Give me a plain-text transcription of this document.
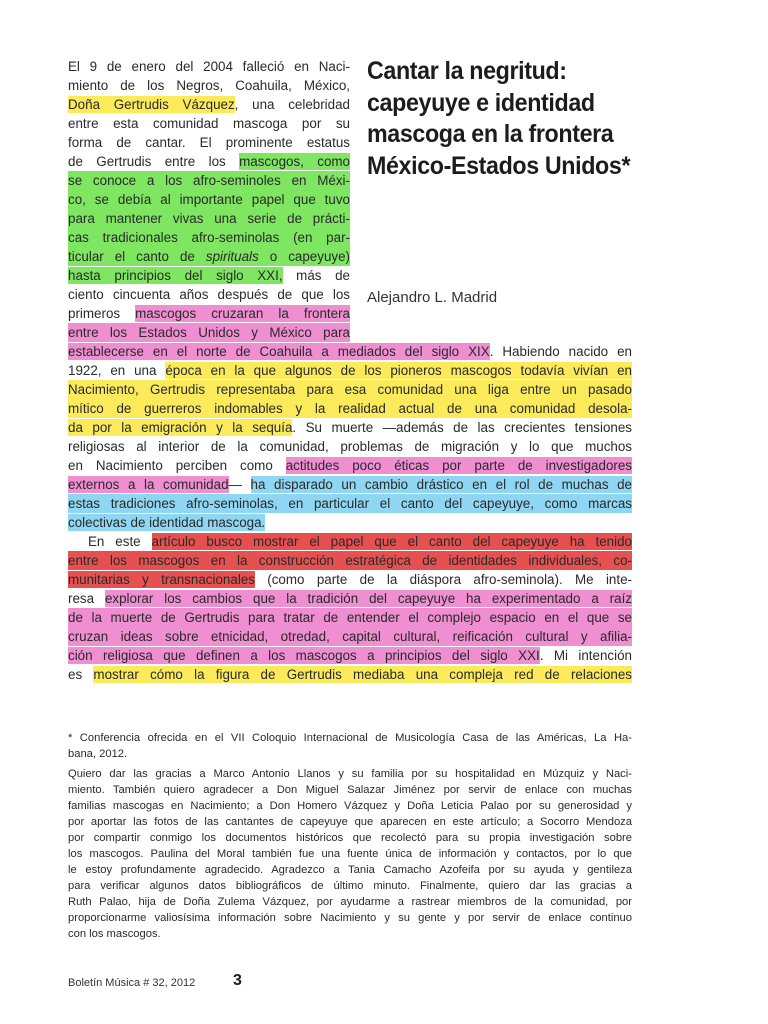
Cantar la negritud:
capeyuye e identidad
mascoga en la frontera
México-Estados Unidos*
Alejandro L. Madrid
El 9 de enero del 2004 falleció en Naci-
miento de los Negros, Coahuila, México,
Doña Gertrudis Vázquez, una celebridad
entre esta comunidad mascoga por su
forma de cantar. El prominente estatus
de Gertrudis entre los mascogos, como
se conoce a los afro-seminoles en Méxi-
co, se debía al importante papel que tuvo
para mantener vivas una serie de prácti-
cas tradicionales afro-seminolas (en par-
ticular el canto de spirituals o capeyuye)
hasta principios del siglo XXI, más de
ciento cincuenta años después de que los
primeros mascogos cruzaran la frontera
entre los Estados Unidos y México para
establecerse en el norte de Coahuila a mediados del siglo XIX. Habiendo nacido en
1922, en una época en la que algunos de los pioneros mascogos todavía vivían en
Nacimiento, Gertrudis representaba para esa comunidad una liga entre un pasado
mítico de guerreros indomables y la realidad actual de una comunidad desola-
da por la emigración y la sequía. Su muerte —además de las crecientes tensiones
religiosas al interior de la comunidad, problemas de migración y lo que muchos
en Nacimiento perciben como actitudes poco éticas por parte de investigadores
externos a la comunidad— ha disparado un cambio drástico en el rol de muchas de
estas tradiciones afro-seminolas, en particular el canto del capeyuye, como marcas
colectivas de identidad mascoga.
En este artículo busco mostrar el papel que el canto del capeyuye ha tenido
entre los mascogos en la construcción estratégica de identidades individuales, co-
munitarias y transnacionales (como parte de la diáspora afro-seminola). Me inte-
resa explorar los cambios que la tradición del capeyuye ha experimentado a raíz
de la muerte de Gertrudis para tratar de entender el complejo espacio en el que se
cruzan ideas sobre etnicidad, otredad, capital cultural, reificación cultural y afilia-
ción religiosa que definen a los mascogos a principios del siglo XXI. Mi intención
es mostrar cómo la figura de Gertrudis mediaba una compleja red de relaciones
* Conferencia ofrecida en el VII Coloquio Internacional de Musicología Casa de las Américas, La Ha-
bana, 2012.
Quiero dar las gracias a Marco Antonio Llanos y su familia por su hospitalidad en Múzquiz y Naci-
miento. También quiero agradecer a Don Miguel Salazar Jiménez por servir de enlace con muchas
familias mascogas en Nacimiento; a Don Homero Vázquez y Doña Leticia Palao por su generosidad y
por aportar las fotos de las cantantes de capeyuye que aparecen en este artículo; a Socorro Mendoza
por compartir conmigo los documentos históricos que recolectó para su propia investigación sobre
los mascogos. Paulina del Moral también fue una fuente única de información y contactos, por lo que
le estoy profundamente agradecido. Agradezco a Tania Camacho Azofeifa por su ayuda y gentileza
para verificar algunos datos bibliográficos de último minuto. Finalmente, quiero dar las gracias a
Ruth Palao, hija de Doña Zulema Vázquez, por ayudarme a rastrear miembros de la comunidad, por
proporcionarme valiosísima información sobre Nacimiento y su gente y por servir de enlace continuo
con los mascogos.
Boletín Música # 32, 2012 3
